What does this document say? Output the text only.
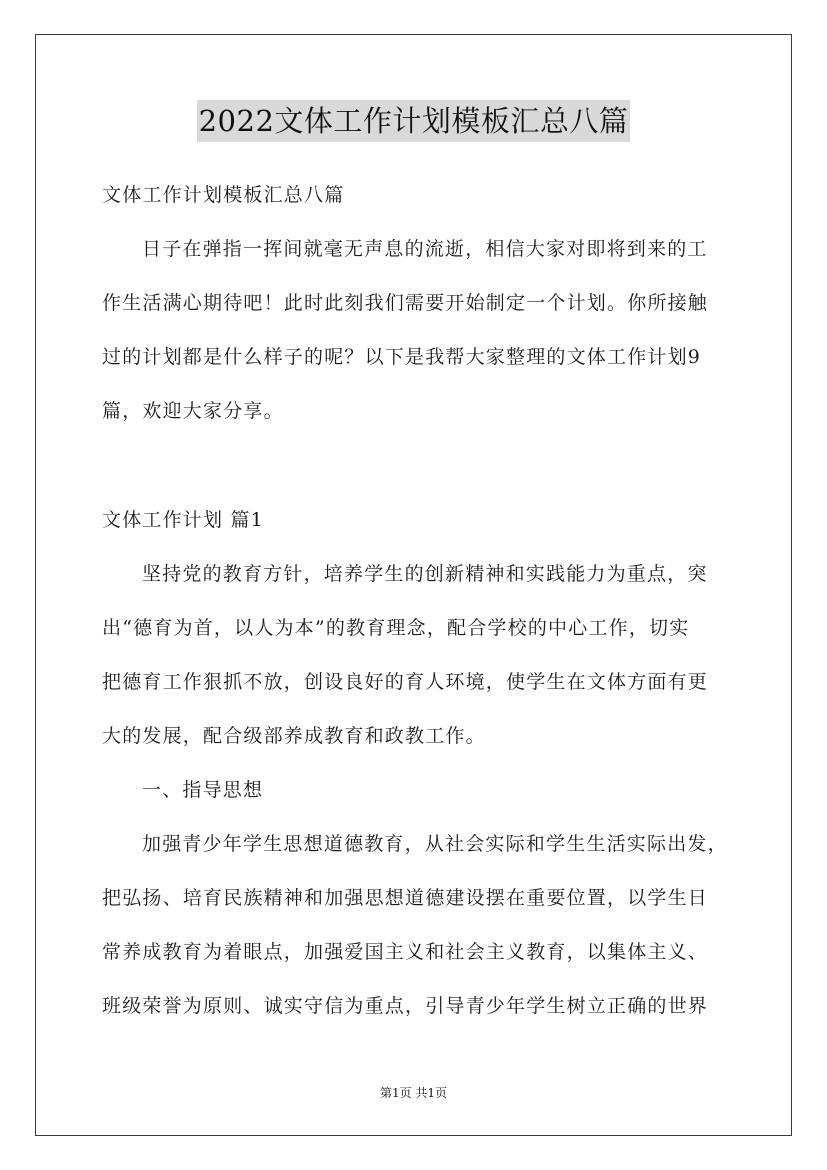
2022文体工作计划模板汇总八篇
文体工作计划模板汇总八篇
日子在弹指一挥间就毫无声息的流逝，相信大家对即将到来的工
作生活满心期待吧！此时此刻我们需要开始制定一个计划。你所接触
过的计划都是什么样子的呢？以下是我帮大家整理的文体工作计划9
篇，欢迎大家分享。
文体工作计划 篇1
坚持党的教育方针，培养学生的创新精神和实践能力为重点，突
出“德育为首，以人为本”的教育理念，配合学校的中心工作，切实
把德育工作狠抓不放，创设良好的育人环境，使学生在文体方面有更
大的发展，配合级部养成教育和政教工作。
一、指导思想
加强青少年学生思想道德教育，从社会实际和学生生活实际出发，
把弘扬、培育民族精神和加强思想道德建设摆在重要位置，以学生日
常养成教育为着眼点，加强爱国主义和社会主义教育，以集体主义、
班级荣誉为原则、诚实守信为重点，引导青少年学生树立正确的世界
第1页 共1页
